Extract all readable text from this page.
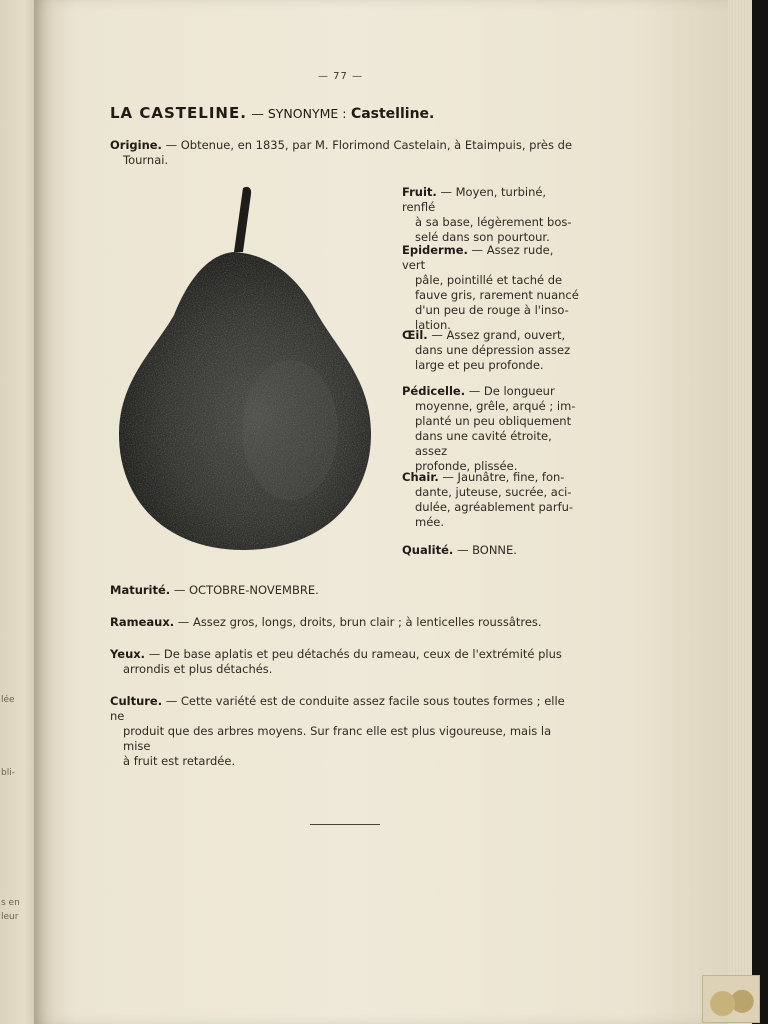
lée
bli-
s en
leur
— 77 —
LA CASTELINE. — SYNONYME : Castelline.
Origine. — Obtenue, en 1835, par M. Florimond Castelain, à Etaimpuis, près de
Tournai.
Fruit. — Moyen, turbiné, renflé
à sa base, légèrement bos-
selé dans son pourtour.
Epiderme. — Assez rude, vert
pâle, pointillé et taché de
fauve gris, rarement nuancé
d'un peu de rouge à l'inso-
lation.
Œil. — Assez grand, ouvert,
dans une dépression assez
large et peu profonde.
Pédicelle. — De longueur
moyenne, grêle, arqué ; im-
planté un peu obliquement
dans une cavité étroite, assez
profonde, plissée.
Chair. — Jaunâtre, fine, fon-
dante, juteuse, sucrée, aci-
dulée, agréablement parfu-
mée.
Qualité. — BONNE.
Maturité. — OCTOBRE-NOVEMBRE.
Rameaux. — Assez gros, longs, droits, brun clair ; à lenticelles roussâtres.
Yeux. — De base aplatis et peu détachés du rameau, ceux de l'extrémité plus
arrondis et plus détachés.
Culture. — Cette variété est de conduite assez facile sous toutes formes ; elle ne
produit que des arbres moyens. Sur franc elle est plus vigoureuse, mais la mise
à fruit est retardée.
